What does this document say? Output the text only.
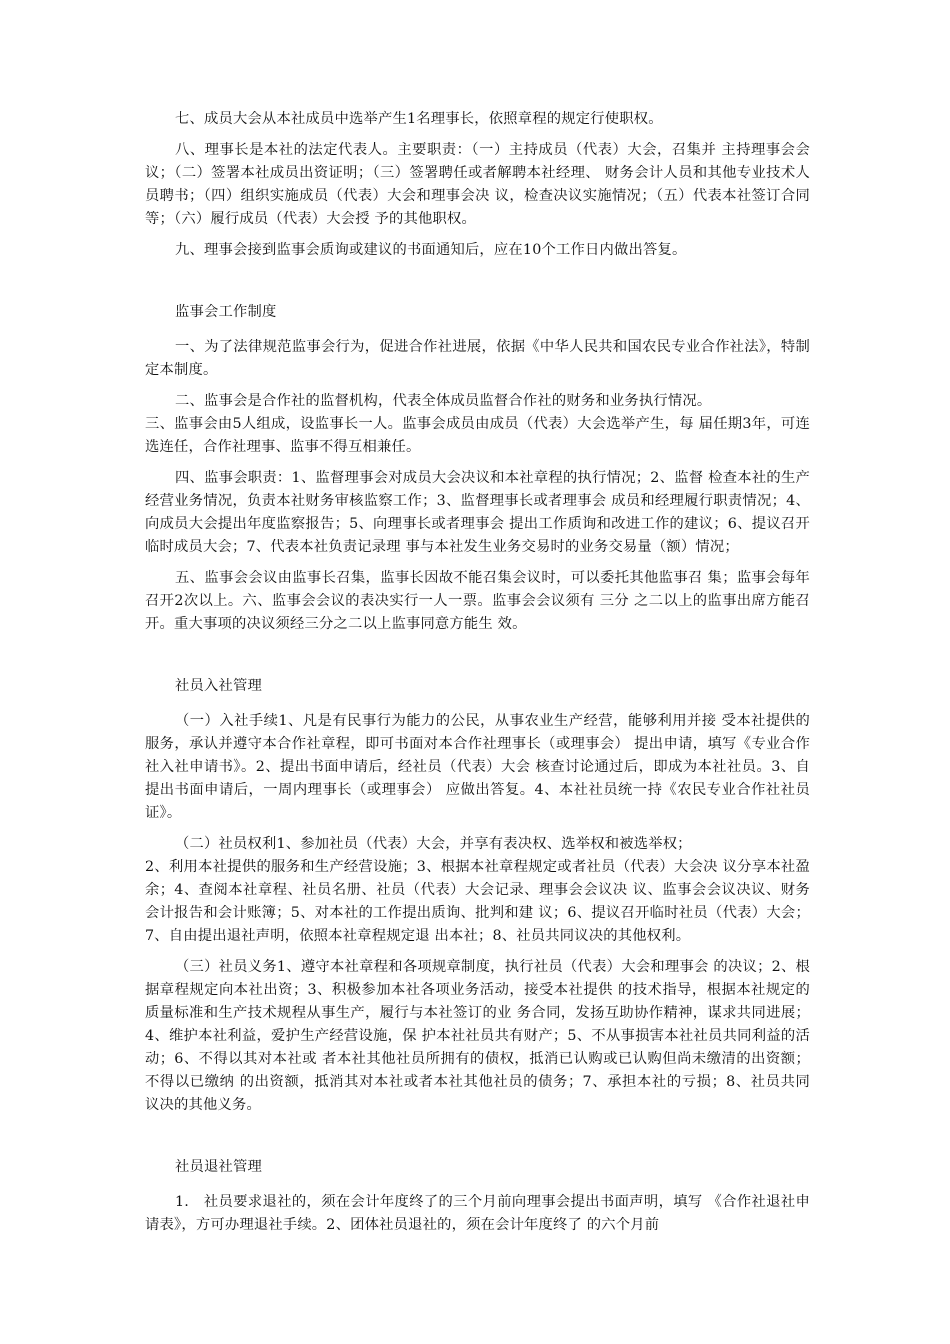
七、成员大会从本社成员中选举产生1名理事长，依照章程的规定行使职权。

八、理事长是本社的法定代表人。主要职责：（一）主持成员（代表）大会，召集并 主持理事会会议；（二）签署本社成员出资证明；（三）签署聘任或者解聘本社经理、 财务会计人员和其他专业技术人员聘书；（四）组织实施成员（代表）大会和理事会决 议，检查决议实施情况；（五）代表本社签订合同等；（六）履行成员（代表）大会授 予的其他职权。

九、理事会接到监事会质询或建议的书面通知后，应在10个工作日内做出答复。

监事会工作制度

一、为了法律规范监事会行为，促进合作社进展，依据《中华人民共和国农民专业合作社法》，特制定本制度。

二、监事会是合作社的监督机构，代表全体成员监督合作社的财务和业务执行情况。

三、监事会由5人组成，设监事长一人。监事会成员由成员（代表）大会选举产生，每 届任期3年，可连选连任，合作社理事、监事不得互相兼任。

四、监事会职责：1、监督理事会对成员大会决议和本社章程的执行情况；2、监督 检查本社的生产经营业务情况，负责本社财务审核监察工作；3、监督理事长或者理事会 成员和经理履行职责情况；4、向成员大会提出年度监察报告；5、向理事长或者理事会 提出工作质询和改进工作的建议；6、提议召开临时成员大会；7、代表本社负责记录理 事与本社发生业务交易时的业务交易量（额）情况；

五、监事会会议由监事长召集，监事长因故不能召集会议时，可以委托其他监事召 集；监事会每年召开2次以上。六、监事会会议的表决实行一人一票。监事会会议须有 三分 之二以上的监事出席方能召开。重大事项的决议须经三分之二以上监事同意方能生 效。

社员入社管理

（一）入社手续1、凡是有民事行为能力的公民，从事农业生产经营，能够利用并接 受本社提供的服务，承认并遵守本合作社章程，即可书面对本合作社理事长（或理事会） 提出申请，填写《专业合作社入社申请书》。2、提出书面申请后，经社员（代表）大会 核查讨论通过后，即成为本社社员。3、自提出书面申请后，一周内理事长（或理事会） 应做出答复。4、本社社员统一持《农民专业合作社社员证》。

（二）社员权利1、参加社员（代表）大会，并享有表决权、选举权和被选举权；

2、利用本社提供的服务和生产经营设施；3、根据本社章程规定或者社员（代表）大会决 议分享本社盈余；4、查阅本社章程、社员名册、社员（代表）大会记录、理事会会议决 议、监事会会议决议、财务会计报告和会计账簿；5、对本社的工作提出质询、批判和建 议；6、提议召开临时社员（代表）大会；7、自由提出退社声明，依照本社章程规定退 出本社；8、社员共同议决的其他权利。

（三）社员义务1、遵守本社章程和各项规章制度，执行社员（代表）大会和理事会 的决议；2、根据章程规定向本社出资；3、积极参加本社各项业务活动，接受本社提供 的技术指导，根据本社规定的质量标准和生产技术规程从事生产，履行与本社签订的业 务合同，发扬互助协作精神，谋求共同进展；4、维护本社利益，爱护生产经营设施，保 护本社社员共有财产；5、不从事损害本社社员共同利益的活动；6、不得以其对本社或 者本社其他社员所拥有的债权，抵消已认购或已认购但尚未缴清的出资额；不得以已缴纳 的出资额，抵消其对本社或者本社其他社员的债务；7、承担本社的亏损；8、社员共同 议决的其他义务。

社员退社管理

1.　社员要求退社的，须在会计年度终了的三个月前向理事会提出书面声明，填写 《合作社退社申请表》，方可办理退社手续。2、团体社员退社的，须在会计年度终了 的六个月前
